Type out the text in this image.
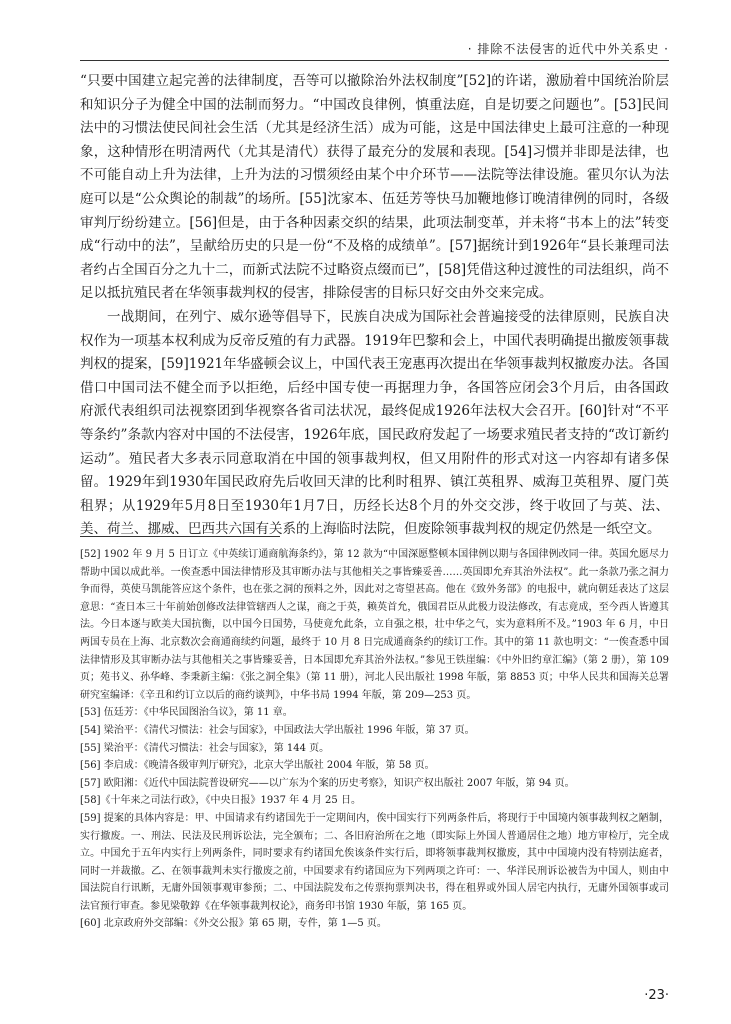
· 排除不法侵害的近代中外关系史 ·

“只要中国建立起完善的法律制度，吾等可以撤除治外法权制度”[52]的许诺，激励着中国统治阶层和知识分子为健全中国的法制而努力。“中国改良律例，慎重法庭，自是切要之问题也”。[53]民间法中的习惯法使民间社会生活（尤其是经济生活）成为可能，这是中国法律史上最可注意的一种现象，这种情形在明清两代（尤其是清代）获得了最充分的发展和表现。[54]习惯并非即是法律，也不可能自动上升为法律，上升为法的习惯须经由某个中介环节——法院等法律设施。霍贝尔认为法庭可以是“公众舆论的制裁”的场所。[55]沈家本、伍廷芳等快马加鞭地修订晚清律例的同时，各级审判厅纷纷建立。[56]但是，由于各种因素交织的结果，此项法制变革，并未将“书本上的法”转变成“行动中的法”，呈献给历史的只是一份“不及格的成绩单”。[57]据统计到1926年“县长兼理司法者约占全国百分之九十二，而新式法院不过略资点缀而已”，[58]凭借这种过渡性的司法组织，尚不足以抵抗殖民者在华领事裁判权的侵害，排除侵害的目标只好交由外交来完成。

一战期间，在列宁、威尔逊等倡导下，民族自决成为国际社会普遍接受的法律原则，民族自决权作为一项基本权利成为反帝反殖的有力武器。1919年巴黎和会上，中国代表明确提出撤废领事裁判权的提案，[59]1921年华盛顿会议上，中国代表王宠惠再次提出在华领事裁判权撤废办法。各国借口中国司法不健全而予以拒绝，后经中国专使一再据理力争，各国答应闭会3个月后，由各国政府派代表组织司法视察团到华视察各省司法状况，最终促成1926年法权大会召开。[60]针对“不平等条约”条款内容对中国的不法侵害，1926年底，国民政府发起了一场要求殖民者支持的“改订新约运动”。殖民者大多表示同意取消在中国的领事裁判权，但又用附件的形式对这一内容却有诸多保留。1929年到1930年国民政府先后收回天津的比利时租界、镇江英租界、威海卫英租界、厦门英租界；从1929年5月8日至1930年1月7日，历经长达8个月的外交交涉，终于收回了与英、法、美、荷兰、挪威、巴西共六国有关系的上海临时法院，但废除领事裁判权的规定仍然是一纸空文。

[52] 1902 年 9 月 5 日订立《中英续订通商航海条约》，第 12 款为“中国深愿整顿本国律例以期与各国律例改同一律。英国允愿尽力帮助中国以成此举。一俟查悉中国法律情形及其审断办法与其他相关之事皆臻妥善……英国即允弃其治外法权”。此一条款乃张之洞力争而得，英使马凯能答应这个条件，也在张之洞的预料之外，因此对之寄望甚高。他在《致外务部》的电报中，就向朝廷表达了这层意思：“查日本三十年前始创修改法律管辖西人之谋，商之于英，赖英首允，俄国君臣从此极力设法修改，有志竟成，至今西人皆遵其法。今日本逐与欧美大国抗衡，以中国今日国势，马使竟允此条，立自强之根，壮中华之气，实为意料所不及。”1903 年 6 月，中日两国专员在上海、北京数次会商通商续约问题，最终于 10 月 8 日完成通商条约的续订工作。其中的第 11 款也明文：“一俟查悉中国法律情形及其审断办法与其他相关之事皆臻妥善，日本国即允弃其治外法权。”参见王铁崖编：《中外旧约章汇编》（第 2 册），第 109 页；苑书义、孙华峰、李秉新主编：《张之洞全集》（第 11 册），河北人民出版社 1998 年版，第 8853 页；中华人民共和国海关总署研究室编译：《辛丑和约订立以后的商约谈判》，中华书局 1994 年版，第 209—253 页。

[53] 伍廷芳：《中华民国图治刍议》，第 11 章。

[54] 梁治平：《清代习惯法：社会与国家》，中国政法大学出版社 1996 年版，第 37 页。

[55] 梁治平：《清代习惯法：社会与国家》，第 144 页。

[56] 李启成：《晚清各级审判厅研究》，北京大学出版社 2004 年版，第 58 页。

[57] 欧阳湘：《近代中国法院普设研究——以广东为个案的历史考察》，知识产权出版社 2007 年版，第 94 页。

[58]《十年来之司法行政》，《中央日报》1937 年 4 月 25 日。

[59] 提案的具体内容是：甲、中国请求有约诸国先于一定期间内，俟中国实行下列两条件后，将现行于中国境内领事裁判权之陋制，实行撤废。一、刑法、民法及民刑诉讼法，完全颁布；二、各旧府治所在之地（即实际上外国人普通居住之地）地方审检厅，完全成立。中国允于五年内实行上列两条件，同时要求有约诸国允俟该条件实行后，即将领事裁判权撤废，其中中国境内没有特别法庭者，同时一并裁撤。乙、在领事裁判未实行撤废之前，中国要求有约诸国应为下列两项之许可：一、华洋民刑诉讼被告为中国人，则由中国法院自行讯断，无庸外国领事观审参预；二、中国法院发布之传票拘票判决书，得在租界或外国人居宅内执行，无庸外国领事或司法官预行审查。参见梁敬錞《在华领事裁判权论》，商务印书馆 1930 年版，第 165 页。

[60] 北京政府外交部编：《外交公报》第 65 期，专件，第 1—5 页。

·23·
